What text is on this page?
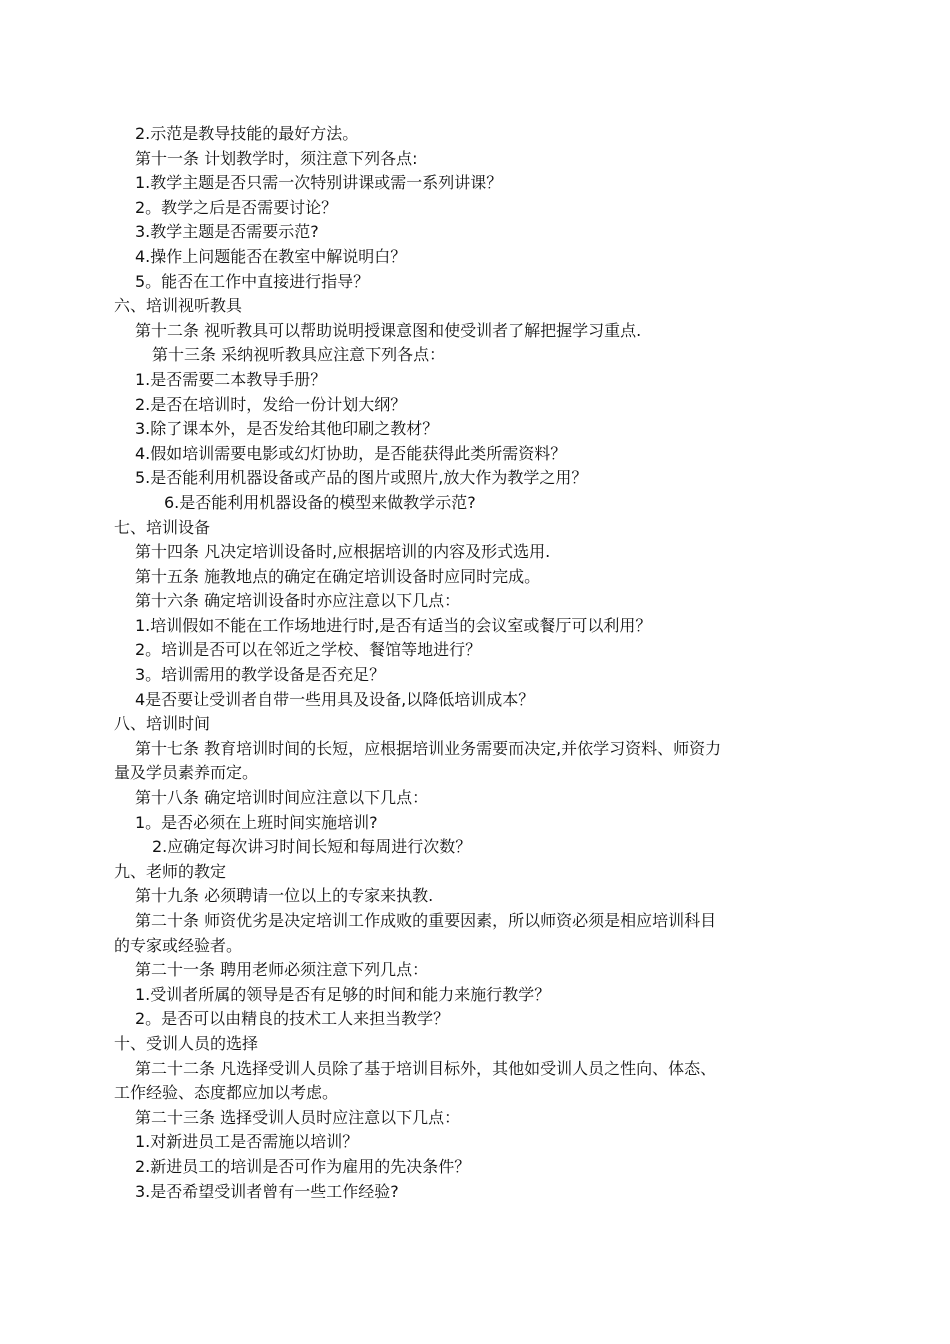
2.示范是教导技能的最好方法。
第十一条 计划教学时，须注意下列各点:
1.教学主题是否只需一次特别讲课或需一系列讲课？
2。教学之后是否需要讨论？
3.教学主题是否需要示范?
4.操作上问题能否在教室中解说明白？
5。能否在工作中直接进行指导？
六、培训视听教具
第十二条 视听教具可以帮助说明授课意图和使受训者了解把握学习重点.
第十三条 采纳视听教具应注意下列各点：
1.是否需要二本教导手册？
2.是否在培训时，发给一份计划大纲？
3.除了课本外，是否发给其他印刷之教材？
4.假如培训需要电影或幻灯协助，是否能获得此类所需资料？
5.是否能利用机器设备或产品的图片或照片,放大作为教学之用？
6.是否能利用机器设备的模型来做教学示范?
七、培训设备
第十四条 凡决定培训设备时,应根据培训的内容及形式选用.
第十五条 施教地点的确定在确定培训设备时应同时完成。
第十六条 确定培训设备时亦应注意以下几点：
1.培训假如不能在工作场地进行时,是否有适当的会议室或餐厅可以利用？
2。培训是否可以在邻近之学校、餐馆等地进行？
3。培训需用的教学设备是否充足？
4是否要让受训者自带一些用具及设备,以降低培训成本？
八、培训时间
第十七条 教育培训时间的长短，应根据培训业务需要而决定,并依学习资料、师资力
量及学员素养而定。
第十八条 确定培训时间应注意以下几点：
1。是否必须在上班时间实施培训?
2.应确定每次讲习时间长短和每周进行次数？
九、老师的教定
第十九条 必须聘请一位以上的专家来执教.
第二十条 师资优劣是决定培训工作成败的重要因素，所以师资必须是相应培训科目
的专家或经验者。
第二十一条 聘用老师必须注意下列几点：
1.受训者所属的领导是否有足够的时间和能力来施行教学？
2。是否可以由精良的技术工人来担当教学？
十、受训人员的选择
第二十二条 凡选择受训人员除了基于培训目标外，其他如受训人员之性向、体态、
工作经验、态度都应加以考虑。
第二十三条 选择受训人员时应注意以下几点：
1.对新进员工是否需施以培训？
2.新进员工的培训是否可作为雇用的先决条件？
3.是否希望受训者曾有一些工作经验?
